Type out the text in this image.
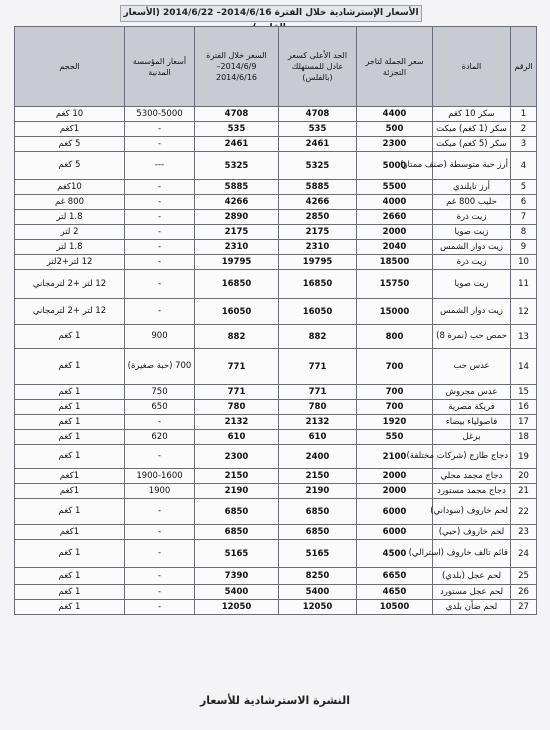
الأسعار الإسترشادية خلال الفترة 2014/6/16– 2014/6/22 (الأسعار
الرقم	المادة	سعر الجملة لتاجر التجزئة	الحد الأعلى كسعر عادل للمستهلك (بالفلس)	السعر خلال الفترة 2014/6/9–2014/6/16	أسعار المؤسسة المدنية	الحجم
1	سكر 10 كغم	4400	4708	4708	5300-5000	10 كغم
2	سكر (1 كغم) ميكت	500	535	535	-	1كغم
3	سكر (5 كغم) ميكت	2300	2461	2461	-	5 كغم
4	أرز حبة متوسطة (صنف ممتاز)	5000	5325	5325	---	5 كغم
5	أرز تايلندي	5500	5885	5885	-	10كغم
6	حليب 800 غم	4000	4266	4266	-	800 غم
7	زيت ذرة	2660	2850	2890	-	1.8 لتر
8	زيت صويا	2000	2175	2175	-	2 لتر
9	زيت دوار الشمس	2040	2310	2310	-	1.8 لتر
10	زيت ذرة	18500	19795	19795	-	12 لتر+2لتر
11	زيت صويا	15750	16850	16850	-	12 لتر +2 لترمجاني
12	زيت دوار الشمس	15000	16050	16050	-	12 لتر +2 لترمجاني
13	حمص حب (نمرة 8)	800	882	882	900	1 كغم
14	عدس حب	700	771	771	700 (حبة صغيرة)	1 كغم
15	عدس مجروش	700	771	771	750	1 كغم
16	فريكة مصرية	700	780	780	650	1 كغم
17	فاصولياء بيضاء	1920	2132	2132	-	1 كغم
18	برغل	550	610	610	620	1 كغم
19	دجاج طازج (شركات مختلفة)	2100	2400	2300	-	1 كغم
20	دجاج مجمد محلي	2000	2150	2150	1900-1600	1كغم
21	دجاج مجمد مستورد	2000	2190	2190	1900	1كغم
22	لحم خاروف (سوداني)	6000	6850	6850	-	1 كغم
23	لحم خاروف (حبي)	6000	6850	6850	-	1كغم
24	قائم تالف خاروف (استرالي)	4500	5165	5165	-	1 كغم
25	لحم عجل (بلدي)	6650	8250	7390	-	1 كغم
26	لحم عجل مستورد	4650	5400	5400	-	1 كغم
27	لحم ضأن بلدي	10500	12050	12050	-	1 كغم
النشرة الاسترشادية للأسعار
